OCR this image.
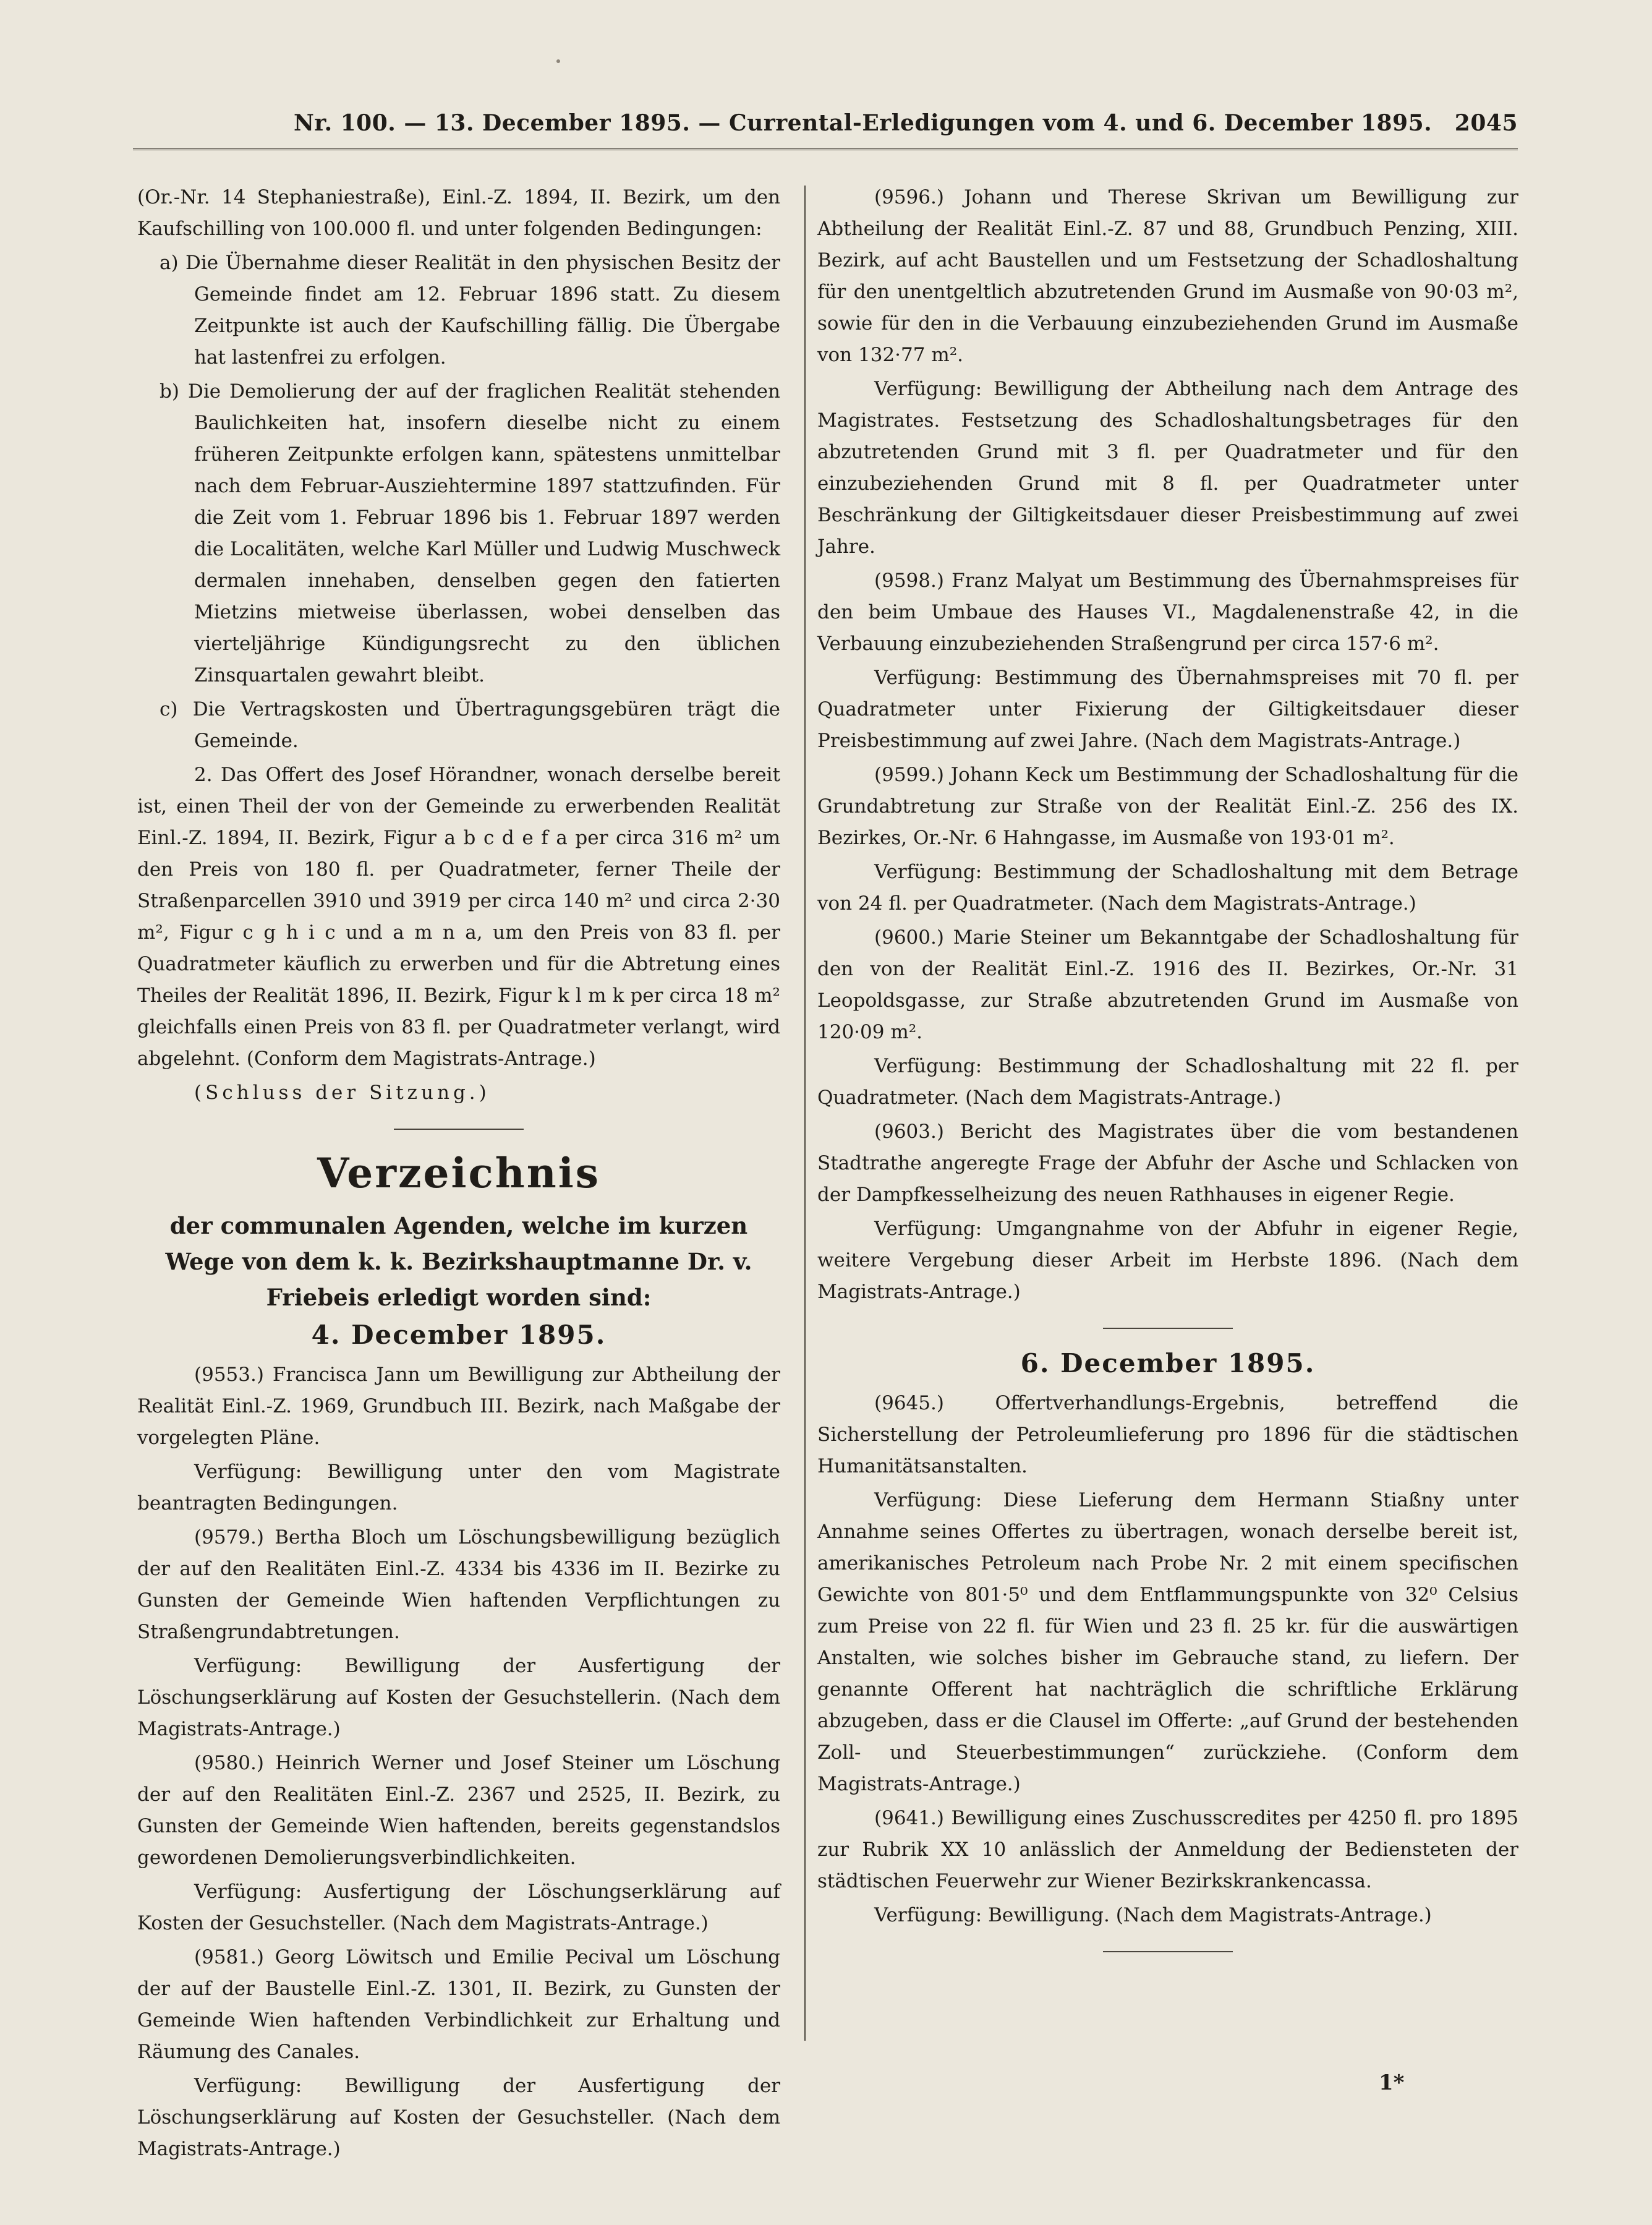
Nr. 100. — 13. December 1895. — Currental-Erledigungen vom 4. und 6. December 1895. 2045

(Or.-Nr. 14 Stephaniestraße), Einl.-Z. 1894, II. Bezirk, um den Kaufschilling von 100.000 fl. und unter folgenden Bedingungen:

a) Die Übernahme dieser Realität in den physischen Besitz der Gemeinde findet am 12. Februar 1896 statt. Zu diesem Zeitpunkte ist auch der Kaufschilling fällig. Die Übergabe hat lastenfrei zu erfolgen.

b) Die Demolierung der auf der fraglichen Realität stehenden Baulichkeiten hat, insofern dieselbe nicht zu einem früheren Zeitpunkte erfolgen kann, spätestens unmittelbar nach dem Februar-Ausziehtermine 1897 stattzufinden. Für die Zeit vom 1. Februar 1896 bis 1. Februar 1897 werden die Localitäten, welche Karl Müller und Ludwig Muschweck dermalen innehaben, denselben gegen den fatierten Mietzins mietweise überlassen, wobei denselben das vierteljährige Kündigungsrecht zu den üblichen Zinsquartalen gewahrt bleibt.

c) Die Vertragskosten und Übertragungsgebüren trägt die Gemeinde.

2. Das Offert des Josef Hörandner, wonach derselbe bereit ist, einen Theil der von der Gemeinde zu erwerbenden Realität Einl.-Z. 1894, II. Bezirk, Figur a b c d e f a per circa 316 m² um den Preis von 180 fl. per Quadratmeter, ferner Theile der Straßenparcellen 3910 und 3919 per circa 140 m² und circa 2·30 m², Figur c g h i c und a m n a, um den Preis von 83 fl. per Quadratmeter käuflich zu erwerben und für die Abtretung eines Theiles der Realität 1896, II. Bezirk, Figur k l m k per circa 18 m² gleichfalls einen Preis von 83 fl. per Quadratmeter verlangt, wird abgelehnt. (Conform dem Magistrats-Antrage.)

(Schluss der Sitzung.)

Verzeichnis

der communalen Agenden, welche im kurzen Wege von dem k. k. Bezirkshauptmanne Dr. v. Friebeis erledigt worden sind:

4. December 1895.

(9553.) Francisca Jann um Bewilligung zur Abtheilung der Realität Einl.-Z. 1969, Grundbuch III. Bezirk, nach Maßgabe der vorgelegten Pläne.

Verfügung: Bewilligung unter den vom Magistrate beantragten Bedingungen.

(9579.) Bertha Bloch um Löschungsbewilligung bezüglich der auf den Realitäten Einl.-Z. 4334 bis 4336 im II. Bezirke zu Gunsten der Gemeinde Wien haftenden Verpflichtungen zu Straßengrundabtretungen.

Verfügung: Bewilligung der Ausfertigung der Löschungserklärung auf Kosten der Gesuchstellerin. (Nach dem Magistrats-Antrage.)

(9580.) Heinrich Werner und Josef Steiner um Löschung der auf den Realitäten Einl.-Z. 2367 und 2525, II. Bezirk, zu Gunsten der Gemeinde Wien haftenden, bereits gegenstandslos gewordenen Demolierungsverbindlichkeiten.

Verfügung: Ausfertigung der Löschungserklärung auf Kosten der Gesuchsteller. (Nach dem Magistrats-Antrage.)

(9581.) Georg Löwitsch und Emilie Pecival um Löschung der auf der Baustelle Einl.-Z. 1301, II. Bezirk, zu Gunsten der Gemeinde Wien haftenden Verbindlichkeit zur Erhaltung und Räumung des Canales.

Verfügung: Bewilligung der Ausfertigung der Löschungserklärung auf Kosten der Gesuchsteller. (Nach dem Magistrats-Antrage.)

(9596.) Johann und Therese Skrivan um Bewilligung zur Abtheilung der Realität Einl.-Z. 87 und 88, Grundbuch Penzing, XIII. Bezirk, auf acht Baustellen und um Festsetzung der Schadloshaltung für den unentgeltlich abzutretenden Grund im Ausmaße von 90·03 m², sowie für den in die Verbauung einzubeziehenden Grund im Ausmaße von 132·77 m².

Verfügung: Bewilligung der Abtheilung nach dem Antrage des Magistrates. Festsetzung des Schadloshaltungsbetrages für den abzutretenden Grund mit 3 fl. per Quadratmeter und für den einzubeziehenden Grund mit 8 fl. per Quadratmeter unter Beschränkung der Giltigkeitsdauer dieser Preisbestimmung auf zwei Jahre.

(9598.) Franz Malyat um Bestimmung des Übernahmspreises für den beim Umbaue des Hauses VI., Magdalenenstraße 42, in die Verbauung einzubeziehenden Straßengrund per circa 157·6 m².

Verfügung: Bestimmung des Übernahmspreises mit 70 fl. per Quadratmeter unter Fixierung der Giltigkeitsdauer dieser Preisbestimmung auf zwei Jahre. (Nach dem Magistrats-Antrage.)

(9599.) Johann Keck um Bestimmung der Schadloshaltung für die Grundabtretung zur Straße von der Realität Einl.-Z. 256 des IX. Bezirkes, Or.-Nr. 6 Hahngasse, im Ausmaße von 193·01 m².

Verfügung: Bestimmung der Schadloshaltung mit dem Betrage von 24 fl. per Quadratmeter. (Nach dem Magistrats-Antrage.)

(9600.) Marie Steiner um Bekanntgabe der Schadloshaltung für den von der Realität Einl.-Z. 1916 des II. Bezirkes, Or.-Nr. 31 Leopoldsgasse, zur Straße abzutretenden Grund im Ausmaße von 120·09 m².

Verfügung: Bestimmung der Schadloshaltung mit 22 fl. per Quadratmeter. (Nach dem Magistrats-Antrage.)

(9603.) Bericht des Magistrates über die vom bestandenen Stadtrathe angeregte Frage der Abfuhr der Asche und Schlacken von der Dampfkesselheizung des neuen Rathhauses in eigener Regie.

Verfügung: Umgangnahme von der Abfuhr in eigener Regie, weitere Vergebung dieser Arbeit im Herbste 1896. (Nach dem Magistrats-Antrage.)

6. December 1895.

(9645.) Offertverhandlungs-Ergebnis, betreffend die Sicherstellung der Petroleumlieferung pro 1896 für die städtischen Humanitätsanstalten.

Verfügung: Diese Lieferung dem Hermann Stiaßny unter Annahme seines Offertes zu übertragen, wonach derselbe bereit ist, amerikanisches Petroleum nach Probe Nr. 2 mit einem specifischen Gewichte von 801·5⁰ und dem Entflammungspunkte von 32⁰ Celsius zum Preise von 22 fl. für Wien und 23 fl. 25 kr. für die auswärtigen Anstalten, wie solches bisher im Gebrauche stand, zu liefern. Der genannte Offerent hat nachträglich die schriftliche Erklärung abzugeben, dass er die Clausel im Offerte: „auf Grund der bestehenden Zoll- und Steuerbestimmungen“ zurückziehe. (Conform dem Magistrats-Antrage.)

(9641.) Bewilligung eines Zuschusscredites per 4250 fl. pro 1895 zur Rubrik XX 10 anlässlich der Anmeldung der Bediensteten der städtischen Feuerwehr zur Wiener Bezirkskrankencassa.

Verfügung: Bewilligung. (Nach dem Magistrats-Antrage.)

1*
